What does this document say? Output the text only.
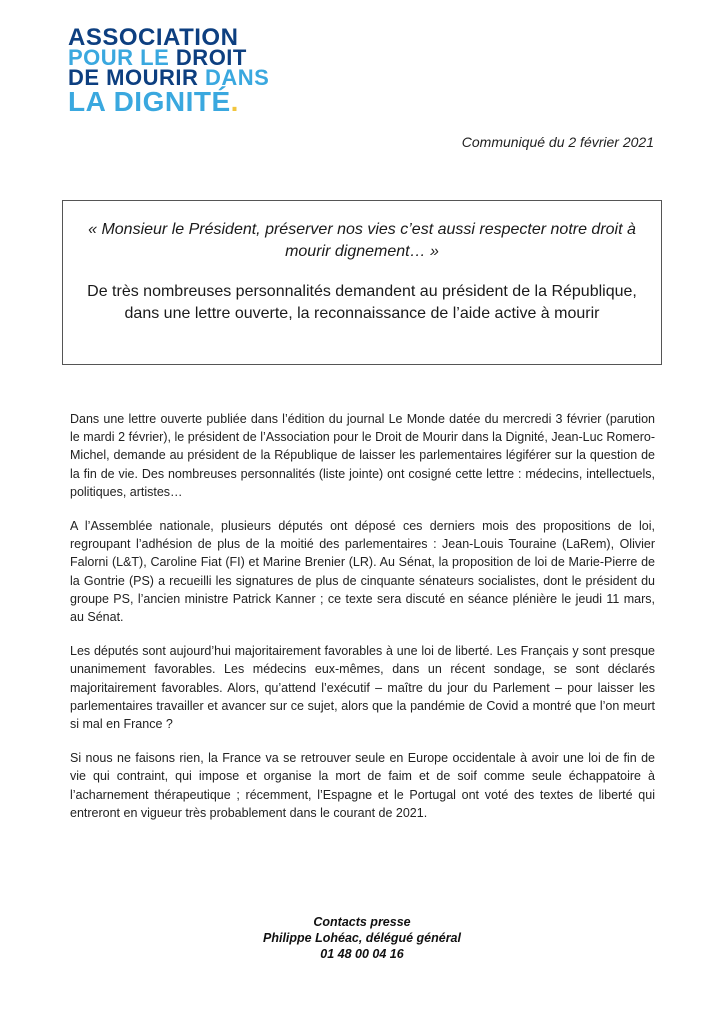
ASSOCIATION
POUR LE DROIT
DE MOURIR DANS
LA DIGNITÉ.
Communiqué du 2 février 2021
« Monsieur le Président, préserver nos vies c’est aussi respecter notre droit à mourir dignement… »
De très nombreuses personnalités demandent au président de la République, dans une lettre ouverte, la reconnaissance de l’aide active à mourir

Dans une lettre ouverte publiée dans l’édition du journal Le Monde datée du mercredi 3 février (parution le mardi 2 février), le président de l’Association pour le Droit de Mourir dans la Dignité, Jean-Luc Romero-Michel, demande au président de la République de laisser les parlementaires légiférer sur la question de la fin de vie. Des nombreuses personnalités (liste jointe) ont cosigné cette lettre : médecins, intellectuels, politiques, artistes…

A l’Assemblée nationale, plusieurs députés ont déposé ces derniers mois des propositions de loi, regroupant l’adhésion de plus de la moitié des parlementaires : Jean-Louis Touraine (LaRem), Olivier Falorni (L&T), Caroline Fiat (FI) et Marine Brenier (LR). Au Sénat, la proposition de loi de Marie-Pierre de la Gontrie (PS) a recueilli les signatures de plus de cinquante sénateurs socialistes, dont le président du groupe PS, l’ancien ministre Patrick Kanner ; ce texte sera discuté en séance plénière le jeudi 11 mars, au Sénat.

Les députés sont aujourd’hui majoritairement favorables à une loi de liberté. Les Français y sont presque unanimement favorables. Les médecins eux-mêmes, dans un récent sondage, se sont déclarés majoritairement favorables. Alors, qu’attend l’exécutif – maître du jour du Parlement – pour laisser les parlementaires travailler et avancer sur ce sujet, alors que la pandémie de Covid a montré que l’on meurt si mal en France ?

Si nous ne faisons rien, la France va se retrouver seule en Europe occidentale à avoir une loi de fin de vie qui contraint, qui impose et organise la mort de faim et de soif comme seule échappatoire à l’acharnement thérapeutique ; récemment, l’Espagne et le Portugal ont voté des textes de liberté qui entreront en vigueur très probablement dans le courant de 2021.

Contacts presse
Philippe Lohéac, délégué général
01 48 00 04 16
